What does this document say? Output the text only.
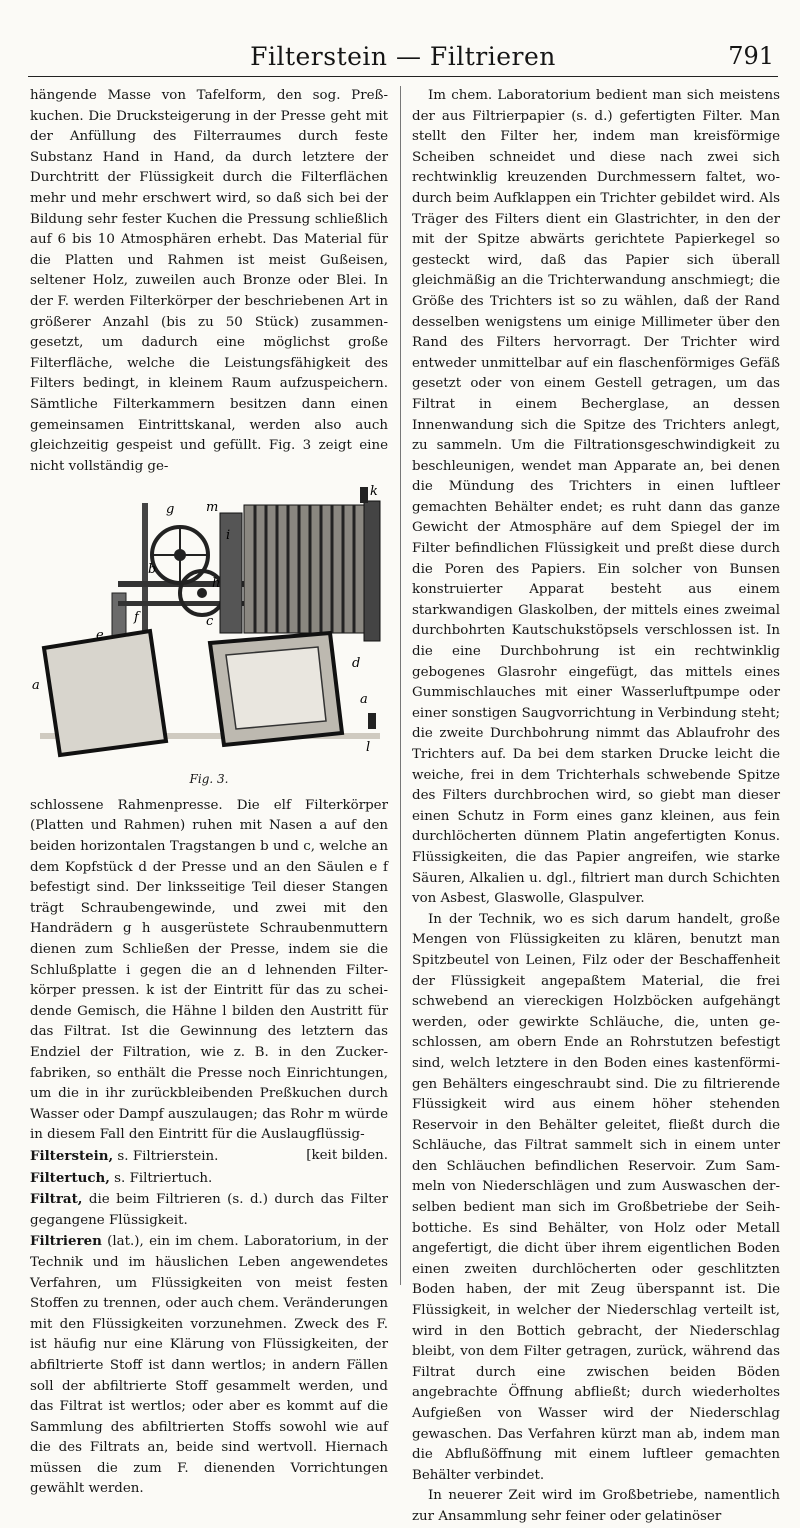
Filterstein — Filtrieren	791

hängende Masse von Tafelform, den sog. Preßkuchen. Die Drucksteigerung in der Presse geht mit der Anfüllung des Filterraumes durch feste Substanz Hand in Hand, da durch letztere der Durchtritt der Flüssigkeit durch die Filterflächen mehr und mehr erschwert wird, so daß sich bei der Bildung sehr fester Kuchen die Pressung schließlich auf 6 bis 10 Atmosphären erhebt. Das Material für die Platten und Rahmen ist meist Gußeisen, seltener Holz, zuweilen auch Bronze oder Blei. In der F. werden Filterkörper der beschriebenen Art in größerer Anzahl (bis zu 50 Stück) zusammengesetzt, um dadurch eine möglichst große Filterfläche, welche die Leistungsfähigkeit des Filters bedingt, in kleinem Raum aufzuspeichern. Sämtliche Filterkammern besitzen dann einen gemeinsamen Eintrittskanal, werden also auch gleichzeitig gespeist und gefüllt. Fig. 3 zeigt eine nicht vollständig ge-

g m
k
b
c
e
f
d
i
h
a
a
l
Fig. 3.

schlossene Rahmenpresse. Die elf Filterkörper (Platten und Rahmen) ruhen mit Nasen a auf den beiden horizontalen Tragstangen b und c, welche an dem Kopfstück d der Presse und an den Säulen e f befestigt sind. Der linksseitige Teil dieser Stangen trägt Schraubengewinde, und zwei mit den Handrädern g h ausgerüstete Schraubenmuttern dienen zum Schließen der Presse, indem sie die Schlußplatte i gegen die an d lehnenden Filterkörper pressen. k ist der Eintritt für das zu scheidende Gemisch, die Hähne l bilden den Austritt für das Filtrat. Ist die Gewinnung des letztern das Endziel der Filtration, wie z. B. in den Zuckerfabriken, so enthält die Presse noch Einrichtungen, um die in ihr zurückbleibenden Preßkuchen durch Wasser oder Dampf auszulaugen; das Rohr m würde in diesem Fall den Eintritt für die Auslaugflüssig-

Filterstein, s. Filtrierstein.	[keit bilden.

Filtertuch, s. Filtriertuch.

Filtrat, die beim Filtrieren (s. d.) durch das Filter gegangene Flüssigkeit.

Filtrieren (lat.), ein im chem. Laboratorium, in der Technik und im häuslichen Leben angewendetes Verfahren, um Flüssigkeiten von meist festen Stoffen zu trennen, oder auch chem. Veränderungen mit den Flüssigkeiten vorzunehmen. Zweck des F. ist häufig nur eine Klärung von Flüssigkeiten, der abfiltrierte Stoff ist dann wertlos; in andern Fällen soll der abfiltrierte Stoff gesammelt werden, und das Filtrat ist wertlos; oder aber es kommt auf die Sammlung des abfiltrierten Stoffs sowohl wie auf die des Filtrats an, beide sind wertvoll. Hiernach müssen die zum F. dienenden Vorrichtungen gewählt werden.

Im chem. Laboratorium bedient man sich meistens der aus Filtrierpapier (s. d.) gefertigten Filter. Man stellt den Filter her, indem man kreisförmige Scheiben schneidet und diese nach zwei sich rechtwinklig kreuzenden Durchmessern faltet, wodurch beim Aufklappen ein Trichter gebildet wird. Als Träger des Filters dient ein Glastrichter, in den der mit der Spitze abwärts gerichtete Papierkegel so gesteckt wird, daß das Papier sich überall gleichmäßig an die Trichterwandung anschmiegt; die Größe des Trichters ist so zu wählen, daß der Rand desselben wenigstens um einige Millimeter über den Rand des Filters hervorragt. Der Trichter wird entweder unmittelbar auf ein flaschenförmiges Gefäß gesetzt oder von einem Gestell getragen, um das Filtrat in einem Becherglase, an dessen Innenwandung sich die Spitze des Trichters anlegt, zu sammeln. Um die Filtrationsgeschwindigkeit zu beschleunigen, wendet man Apparate an, bei denen die Mündung des Trichters in einen luftleer gemachten Behälter endet; es ruht dann das ganze Gewicht der Atmosphäre auf dem Spiegel der im Filter befindlichen Flüssigkeit und preßt diese durch die Poren des Papiers. Ein solcher von Bunsen konstruierter Apparat besteht aus einem starkwandigen Glaskolben, der mittels eines zweimal durchbohrten Kautschukstöpsels verschlossen ist. In die eine Durchbohrung ist ein rechtwinklig gebogenes Glasrohr eingefügt, das mittels eines Gummischlauches mit einer Wasserluftpumpe oder einer sonstigen Saugvorrichtung in Verbindung steht; die zweite Durchbohrung nimmt das Ablaufrohr des Trichters auf. Da bei dem starken Drucke leicht die weiche, frei in dem Trichterhals schwebende Spitze des Filters durchbrochen wird, so giebt man dieser einen Schutz in Form eines ganz kleinen, aus fein durchlöcherten dünnem Platin angefertigten Konus. Flüssigkeiten, die das Papier angreifen, wie starke Säuren, Alkalien u. dgl., filtriert man durch Schichten von Asbest, Glaswolle, Glaspulver.

In der Technik, wo es sich darum handelt, große Mengen von Flüssigkeiten zu klären, benutzt man Spitzbeutel von Leinen, Filz oder der Beschaffenheit der Flüssigkeit angepaßtem Material, die frei schwebend an viereckigen Holzböcken aufgehängt werden, oder gewirkte Schläuche, die, unten geschlossen, am obern Ende an Rohrstutzen befestigt sind, welch letztere in den Boden eines kastenförmigen Behälters eingeschraubt sind. Die zu filtrierende Flüssigkeit wird aus einem höher stehenden Reservoir in den Behälter geleitet, fließt durch die Schläuche, das Filtrat sammelt sich in einem unter den Schläuchen befindlichen Reservoir. Zum Sammeln von Niederschlägen und zum Auswaschen derselben bedient man sich im Großbetriebe der Seihbottiche. Es sind Behälter, von Holz oder Metall angefertigt, die dicht über ihrem eigentlichen Boden einen zweiten durchlöcherten oder geschlitzten Boden haben, der mit Zeug überspannt ist. Die Flüssigkeit, in welcher der Niederschlag verteilt ist, wird in den Bottich gebracht, der Niederschlag bleibt, von dem Filter getragen, zurück, während das Filtrat durch eine zwischen beiden Böden angebrachte Öffnung abfließt; durch wiederholtes Aufgießen von Wasser wird der Niederschlag gewaschen. Das Verfahren kürzt man ab, indem man die Abflußöffnung mit einem luftleer gemachten Behälter verbindet.

In neuerer Zeit wird im Großbetriebe, namentlich zur Ansammlung sehr feiner oder gelatinöser
